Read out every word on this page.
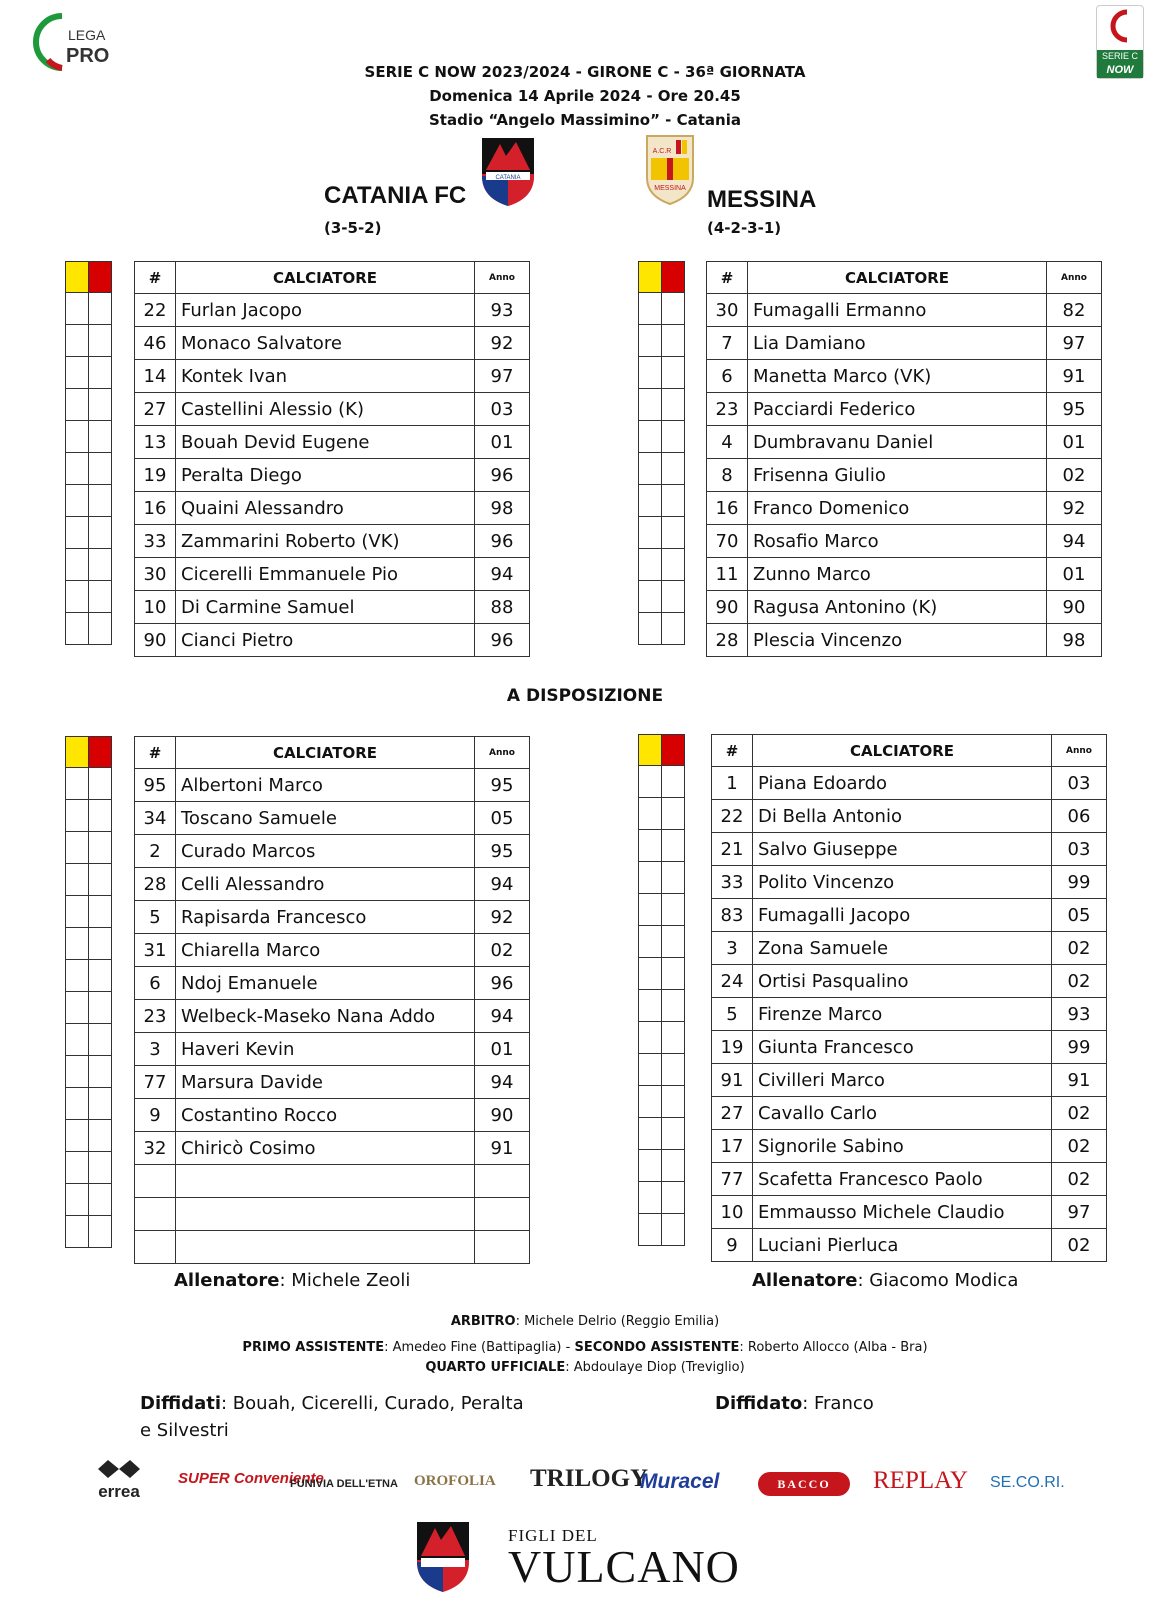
LEGA
PRO	SERIE C
NOW
SERIE C NOW 2023/2024 - GIRONE C - 36ª GIORNATA
Domenica 14 Aprile 2024 - Ore 20.45
Stadio “Angelo Massimino” - Catania
CATANIA
A.C.R
MESSINA
CATANIA FC
(3-5-2)
MESSINA
(4-2-3-1)

#	CALCIATORE	Anno
22	Furlan Jacopo	93
46	Monaco Salvatore	92
14	Kontek Ivan	97
27	Castellini Alessio (K)	03
13	Bouah Devid Eugene	01
19	Peralta Diego	96
16	Quaini Alessandro	98
33	Zammarini Roberto (VK)	96
30	Cicerelli Emmanuele Pio	94
10	Di Carmine Samuel	88
90	Cianci Pietro	96
#	CALCIATORE	Anno
30	Fumagalli Ermanno	82
7	Lia Damiano	97
6	Manetta Marco (VK)	91
23	Pacciardi Federico	95
4	Dumbravanu Daniel	01
8	Frisenna Giulio	02
16	Franco Domenico	92
70	Rosafio Marco	94
11	Zunno Marco	01
90	Ragusa Antonino (K)	90
28	Plescia Vincenzo	98
A DISPOSIZIONE
#	CALCIATORE	Anno
95	Albertoni Marco	95
34	Toscano Samuele	05
2	Curado Marcos	95
28	Celli Alessandro	94
5	Rapisarda Francesco	92
31	Chiarella Marco	02
6	Ndoj Emanuele	96
23	Welbeck-Maseko Nana Addo	94
3	Haveri Kevin	01
77	Marsura Davide	94
9	Costantino Rocco	90
32	Chiricò Cosimo	91

#	CALCIATORE	Anno
1	Piana Edoardo	03
22	Di Bella Antonio	06
21	Salvo Giuseppe	03
33	Polito Vincenzo	99
83	Fumagalli Jacopo	05
3	Zona Samuele	02
24	Ortisi Pasqualino	02
5	Firenze Marco	93
19	Giunta Francesco	99
91	Civilleri Marco	91
27	Cavallo Carlo	02
17	Signorile Sabino	02
77	Scafetta Francesco Paolo	02
10	Emmausso Michele Claudio	97
9	Luciani Pierluca	02
Allenatore: Michele Zeoli	Allenatore: Giacomo Modica
ARBITRO: Michele Delrio (Reggio Emilia)
PRIMO ASSISTENTE: Amedeo Fine (Battipaglia) - SECONDO ASSISTENTE: Roberto Allocco (Alba - Bra)
QUARTO UFFICIALE: Abdoulaye Diop (Treviglio)
Diffidati: Bouah, Cicerelli, Curado, Peralta
e Silvestri
Diffidato: Franco
errea
SUPER Conveniente
FUNIVIA DELL'ETNA OROFOLIA TRILOGY
Muracel	BACCO	REPLAY SE.CO.RI.
FIGLI DEL
VULCANO
